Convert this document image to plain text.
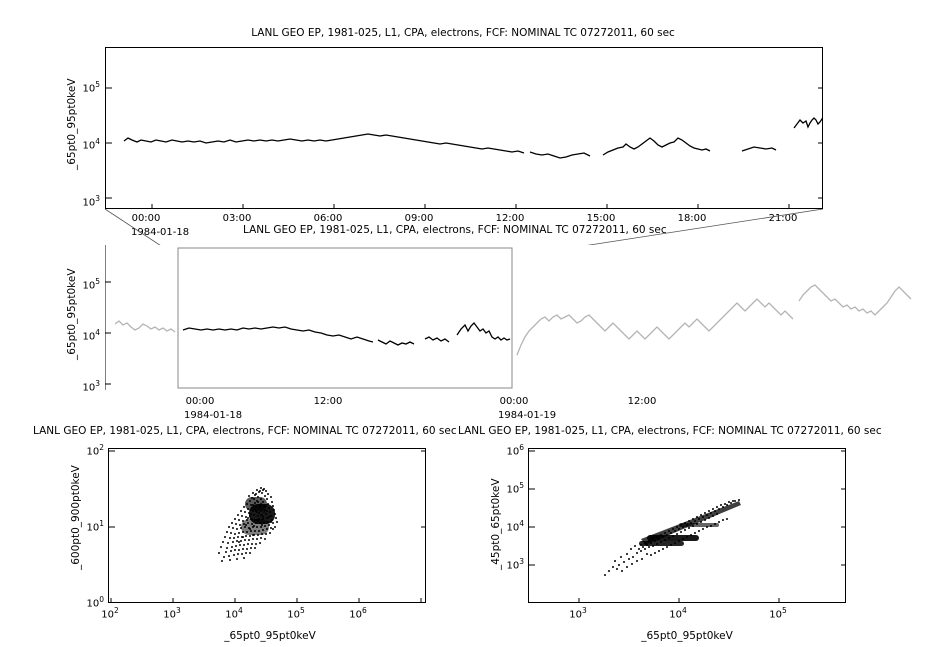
LANL GEO EP, 1981-025, L1, CPA, electrons, FCF: NOMINAL TC 07272011, 60 sec
_65pt0_95pt0keV $10^5$
$10^4$
$10^3$
00:00	03:00	06:00	09:00	12:00	15:00	18:00	21:00
1984-01-18	LANL GEO EP, 1981-025, L1, CPA, electrons, FCF: NOMINAL TC 07272011, 60 sec
_65pt0_95pt0keV $10^5$
$10^4$
$10^3$
00:00	12:00	00:00	12:00
1984-01-18	1984-01-19
LANL GEO EP, 1981-025, L1, CPA, electrons, FCF: NOMINAL TC 07272011, 60 sec
_600pt0_900pt0keV
$10^2$
$10^1$
$10^0$
$10^2$	$10^3$	$10^4$	$10^5$	$10^6$
_65pt0_95pt0keV
LANL GEO EP, 1981-025, L1, CPA, electrons, FCF: NOMINAL TC 07272011, 60 sec
_45pt0_65pt0keV
$10^6$
$10^5$
$10^4$
$10^3$
$10^3$	$10^4$	$10^5$
_65pt0_95pt0keV
